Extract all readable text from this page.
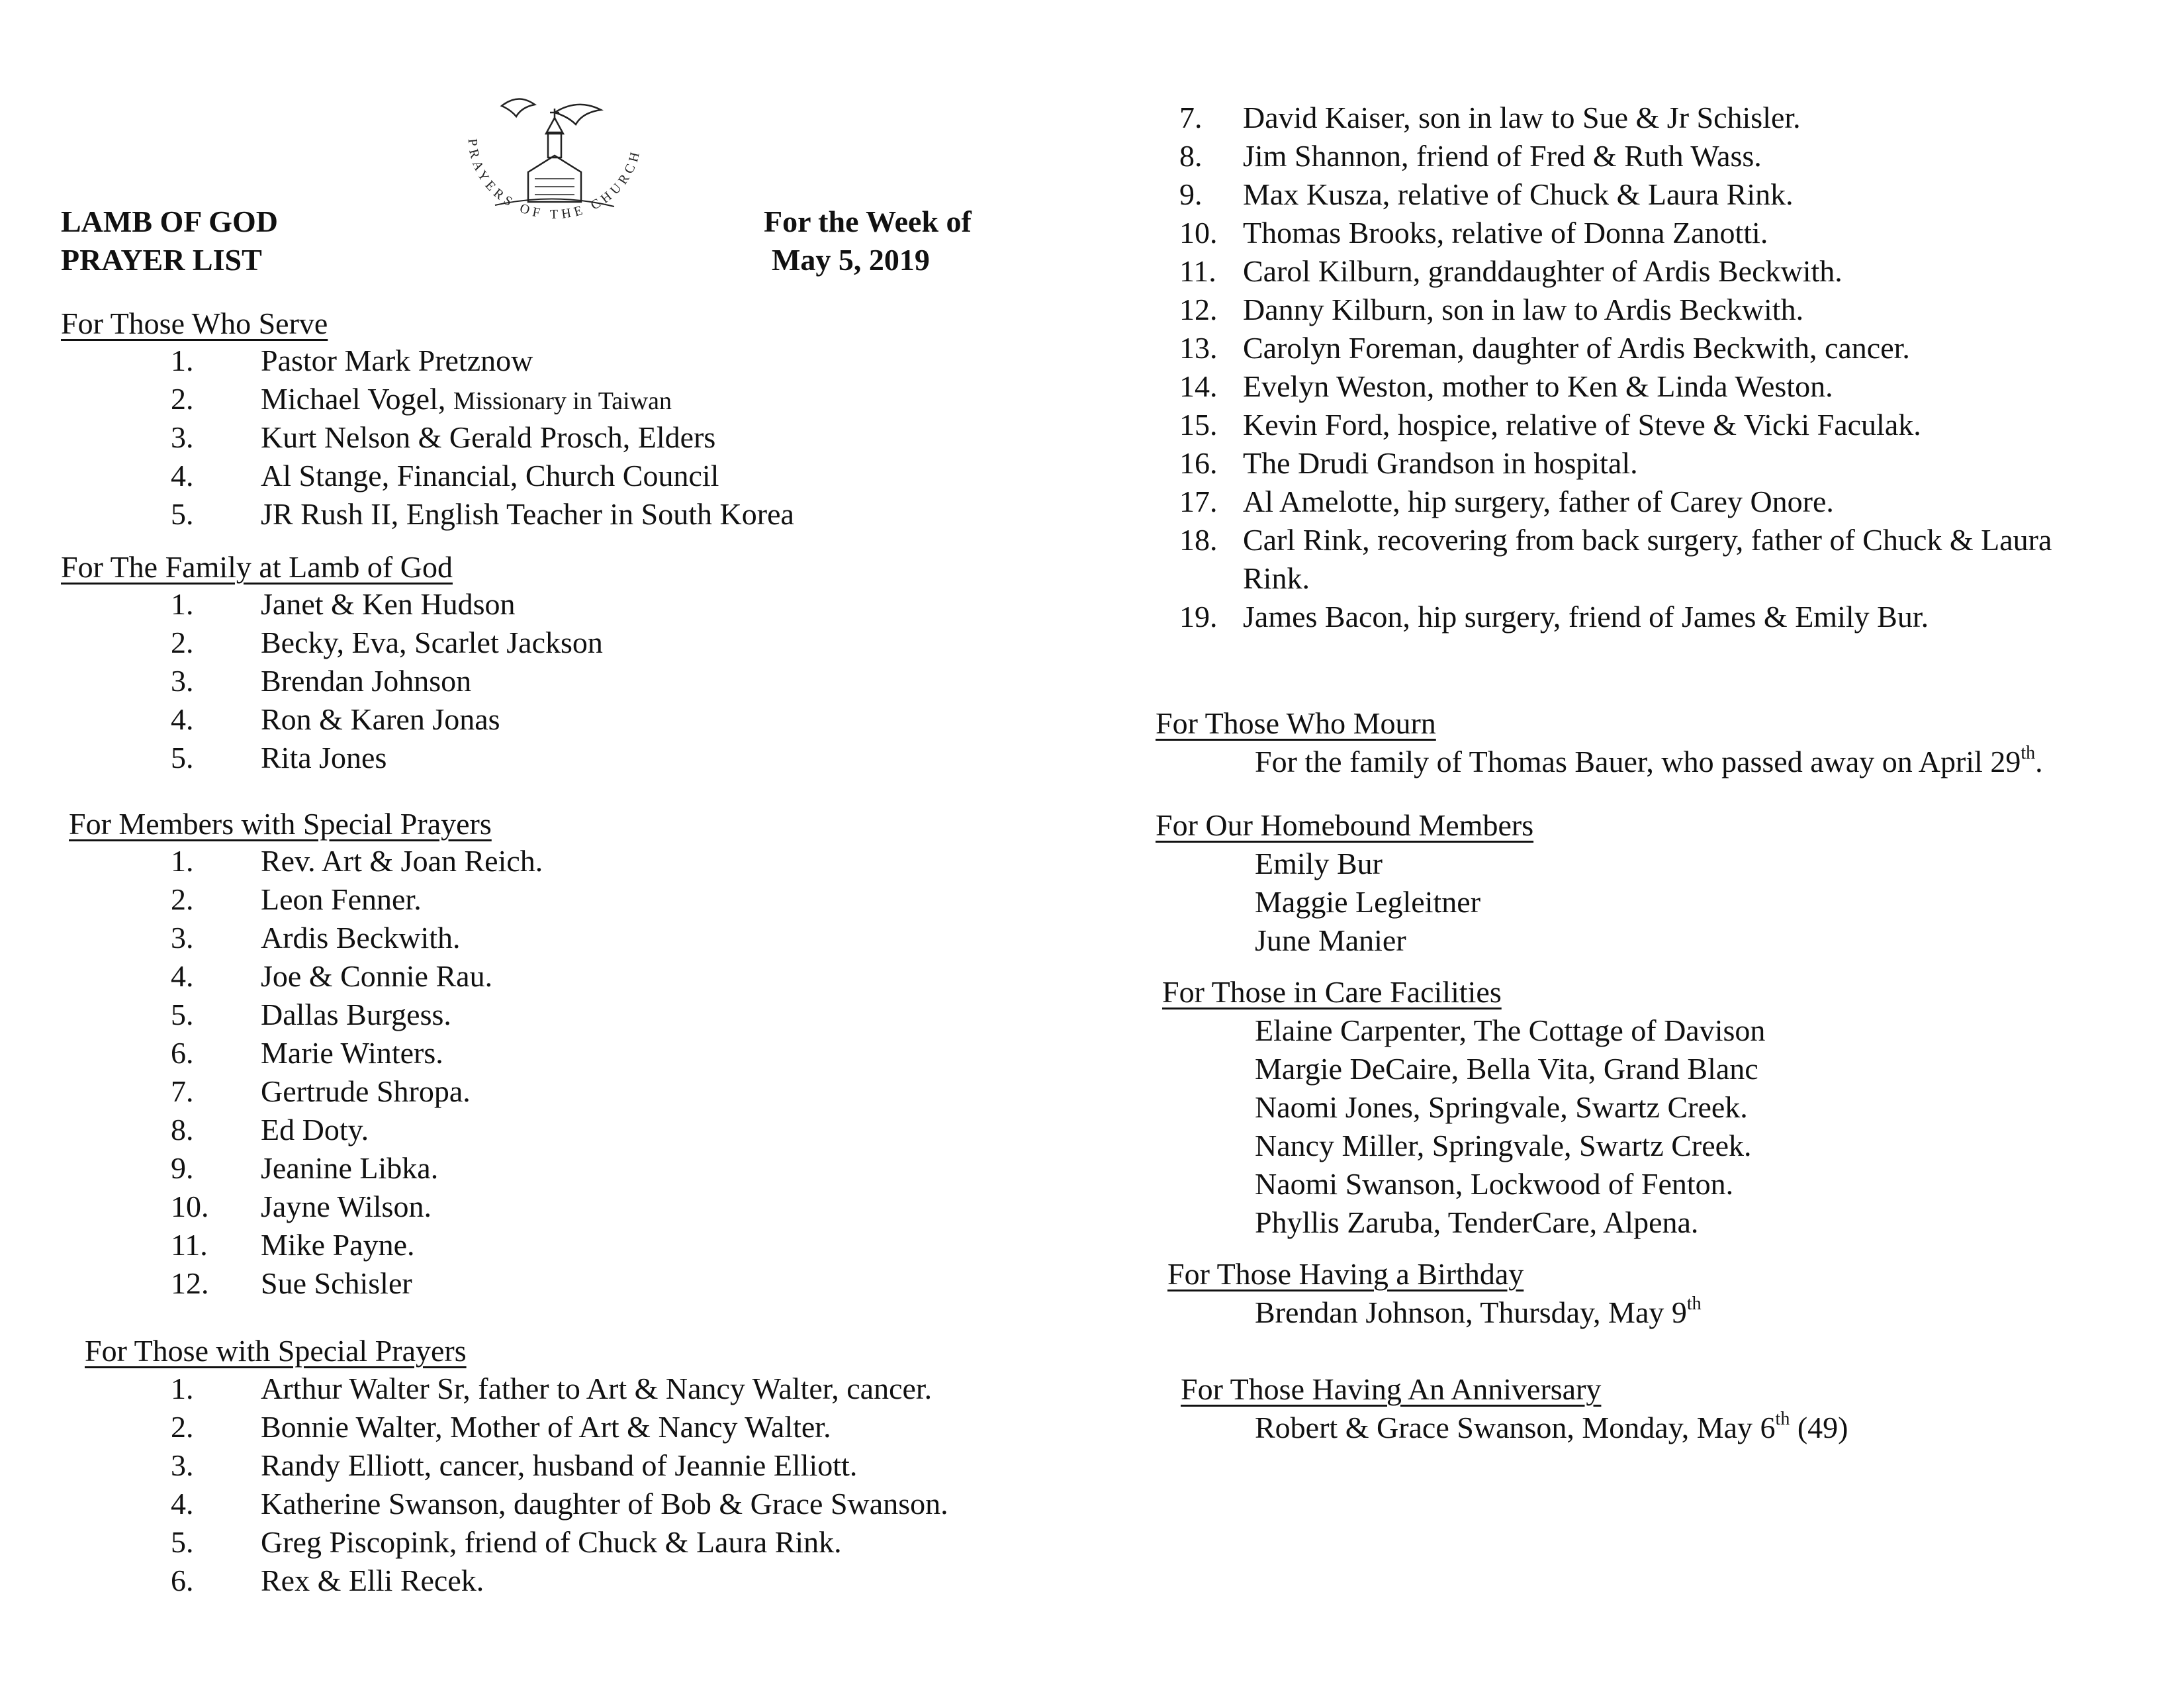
LAMB OF GOD
PRAYER LIST
For the Week of
May 5, 2019
PRAYERS OF THE CHURCH
For Those Who Serve
1. Pastor Mark Pretznow
2. Michael Vogel, Missionary in Taiwan
3. Kurt Nelson & Gerald Prosch, Elders
4. Al Stange, Financial, Church Council
5. JR Rush II, English Teacher in South Korea
For The Family at Lamb of God
1. Janet & Ken Hudson
2. Becky, Eva, Scarlet Jackson
3. Brendan Johnson
4. Ron & Karen Jonas
5. Rita Jones
For Members with Special Prayers
1. Rev. Art & Joan Reich.
2. Leon Fenner.
3. Ardis Beckwith.
4. Joe & Connie Rau.
5. Dallas Burgess.
6. Marie Winters.
7. Gertrude Shropa.
8. Ed Doty.
9. Jeanine Libka.
10. Jayne Wilson.
11. Mike Payne.
12. Sue Schisler
For Those with Special Prayers
1. Arthur Walter Sr, father to Art & Nancy Walter, cancer.
2. Bonnie Walter, Mother of Art & Nancy Walter.
3. Randy Elliott, cancer, husband of Jeannie Elliott.
4. Katherine Swanson, daughter of Bob & Grace Swanson.
5. Greg Piscopink, friend of Chuck & Laura Rink.
6. Rex & Elli Recek.
7. David Kaiser, son in law to Sue & Jr Schisler.
8. Jim Shannon, friend of Fred & Ruth Wass.
9. Max Kusza, relative of Chuck & Laura Rink.
10. Thomas Brooks, relative of Donna Zanotti.
11. Carol Kilburn, granddaughter of Ardis Beckwith.
12. Danny Kilburn, son in law to Ardis Beckwith.
13. Carolyn Foreman, daughter of Ardis Beckwith, cancer.
14. Evelyn Weston, mother to Ken & Linda Weston.
15. Kevin Ford, hospice, relative of Steve & Vicki Faculak.
16. The Drudi Grandson in hospital.
17. Al Amelotte, hip surgery, father of Carey Onore.
18. Carl Rink, recovering from back surgery, father of Chuck & Laura
Rink.
19. James Bacon, hip surgery, friend of James & Emily Bur.
For Those Who Mourn
For the family of Thomas Bauer, who passed away on April 29th.
For Our Homebound Members
Emily Bur
Maggie Legleitner
June Manier
For Those in Care Facilities
Elaine Carpenter, The Cottage of Davison
Margie DeCaire, Bella Vita, Grand Blanc
Naomi Jones, Springvale, Swartz Creek.
Nancy Miller, Springvale, Swartz Creek.
Naomi Swanson, Lockwood of Fenton.
Phyllis Zaruba, TenderCare, Alpena.
For Those Having a Birthday
Brendan Johnson, Thursday, May 9th
For Those Having An Anniversary
Robert & Grace Swanson, Monday, May 6th (49)
